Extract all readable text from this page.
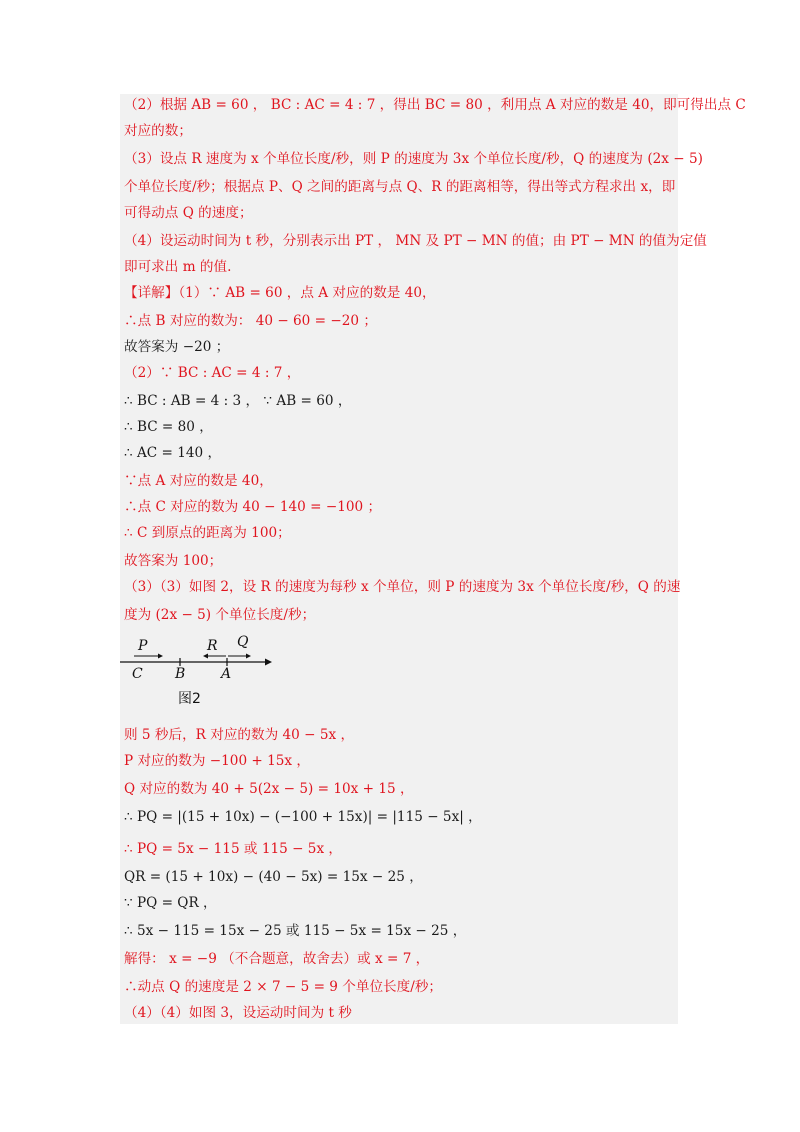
（2）根据 AB = 60 ， BC : AC = 4 : 7 ，得出 BC = 80 ，利用点 A 对应的数是 40，即可得出点 C
对应的数；
（3）设点 R 速度为 x 个单位长度/秒，则 P 的速度为 3x 个单位长度/秒，Q 的速度为 (2x − 5)
个单位长度/秒；根据点 P、Q 之间的距离与点 Q、R 的距离相等，得出等式方程求出 x，即
可得动点 Q 的速度；
（4）设运动时间为 t 秒，分别表示出 PT ， MN 及 PT − MN 的值；由 PT − MN 的值为定值
即可求出 m 的值.
【详解】（1）∵ AB = 60 ，点 A 对应的数是 40，
∴点 B 对应的数为： 40 − 60 = −20 ；
故答案为 −20 ；
（2）∵ BC : AC = 4 : 7 ，
∴ BC : AB = 4 : 3 ， ∵ AB = 60 ，
∴ BC = 80 ，
∴ AC = 140 ，
∵点 A 对应的数是 40，
∴点 C 对应的数为 40 − 140 = −100 ；
∴ C 到原点的距离为 100；
故答案为 100；
（3）（3）如图 2，设 R 的速度为每秒 x 个单位，则 P 的速度为 3x 个单位长度/秒，Q 的速
度为 (2x − 5) 个单位长度/秒；
P	R Q
C B	A
图2
则 5 秒后，R 对应的数为 40 − 5x ，
P 对应的数为 −100 + 15x ，
Q 对应的数为 40 + 5(2x − 5) = 10x + 15 ，
∴ PQ = |(15 + 10x) − (−100 + 15x)| = |115 − 5x| ，
∴ PQ = 5x − 115 或 115 − 5x ，
QR = (15 + 10x) − (40 − 5x) = 15x − 25 ，
∵ PQ = QR ，
∴ 5x − 115 = 15x − 25 或 115 − 5x = 15x − 25 ，
解得： x = −9 （不合题意，故舍去）或 x = 7 ，
∴动点 Q 的速度是 2 × 7 − 5 = 9 个单位长度/秒；
（4）（4）如图 3，设运动时间为 t 秒
